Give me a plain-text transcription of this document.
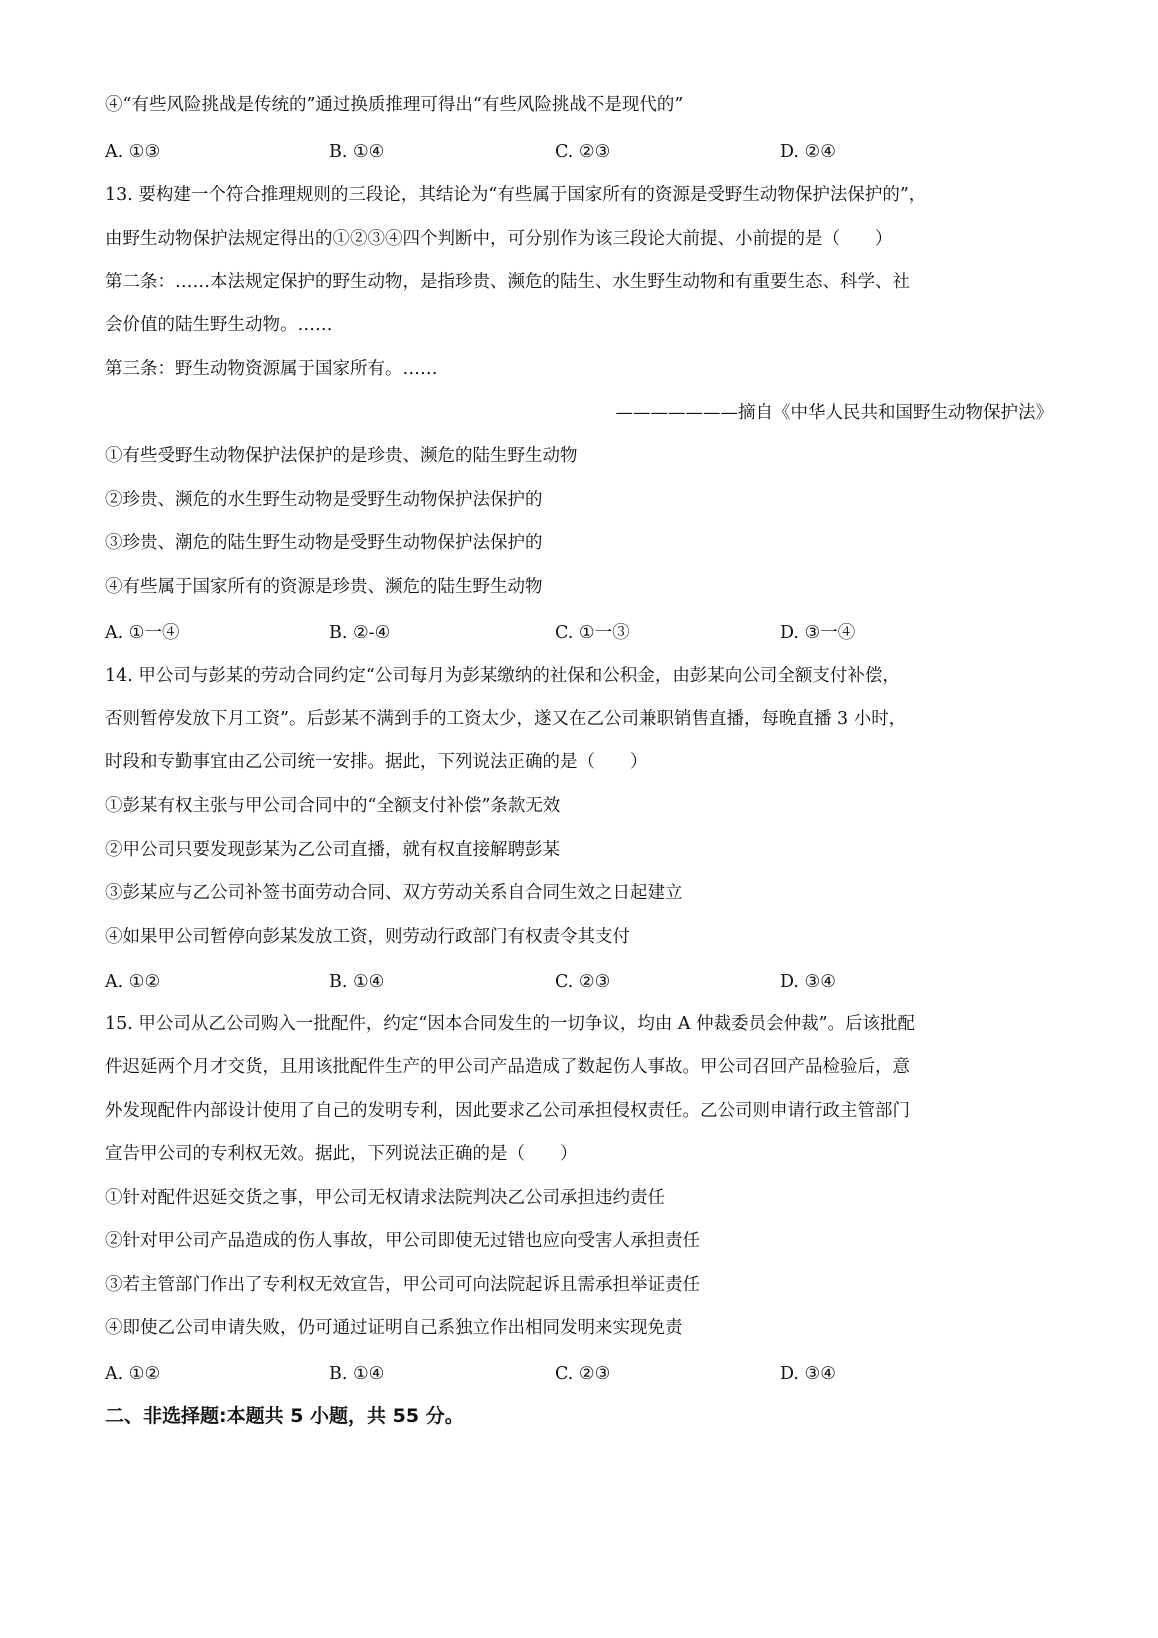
④“有些风险挑战是传统的”通过换质推理可得出“有些风险挑战不是现代的”
A. ①③	B. ①④	C. ②③	D. ②④
13. 要构建一个符合推理规则的三段论，其结论为“有些属于国家所有的资源是受野生动物保护法保护的”，
由野生动物保护法规定得出的①②③④四个判断中，可分别作为该三段论大前提、小前提的是（　　）
第二条：……本法规定保护的野生动物，是指珍贵、濒危的陆生、水生野生动物和有重要生态、科学、社
会价值的陆生野生动物。……
第三条：野生动物资源属于国家所有。……
———————摘自《中华人民共和国野生动物保护法》
①有些受野生动物保护法保护的是珍贵、濒危的陆生野生动物
②珍贵、濒危的水生野生动物是受野生动物保护法保护的
③珍贵、潮危的陆生野生动物是受野生动物保护法保护的
④有些属于国家所有的资源是珍贵、濒危的陆生野生动物
A. ①一④	B. ②-④	C. ①一③	D. ③一④
14. 甲公司与彭某的劳动合同约定“公司每月为彭某缴纳的社保和公积金，由彭某向公司全额支付补偿，
否则暂停发放下月工资”。后彭某不满到手的工资太少，遂又在乙公司兼职销售直播，每晚直播 3 小时，
时段和专勤事宜由乙公司统一安排。据此，下列说法正确的是（　　）
①彭某有权主张与甲公司合同中的“全额支付补偿”条款无效
②甲公司只要发现彭某为乙公司直播，就有权直接解聘彭某
③彭某应与乙公司补签书面劳动合同、双方劳动关系自合同生效之日起建立
④如果甲公司暂停向彭某发放工资，则劳动行政部门有权责令其支付
A. ①②	B. ①④	C. ②③	D. ③④
15. 甲公司从乙公司购入一批配件，约定“因本合同发生的一切争议，均由 A 仲裁委员会仲裁”。后该批配
件迟延两个月才交货，且用该批配件生产的甲公司产品造成了数起伤人事故。甲公司召回产品检验后，意
外发现配件内部设计使用了自己的发明专利，因此要求乙公司承担侵权责任。乙公司则申请行政主管部门
宣告甲公司的专利权无效。据此，下列说法正确的是（　　）
①针对配件迟延交货之事，甲公司无权请求法院判决乙公司承担违约责任
②针对甲公司产品造成的伤人事故，甲公司即使无过错也应向受害人承担责任
③若主管部门作出了专利权无效宣告，甲公司可向法院起诉且需承担举证责任
④即使乙公司申请失败，仍可通过证明自己系独立作出相同发明来实现免责
A. ①②	B. ①④	C. ②③	D. ③④
二、非选择题:本题共 5 小题，共 55 分。
